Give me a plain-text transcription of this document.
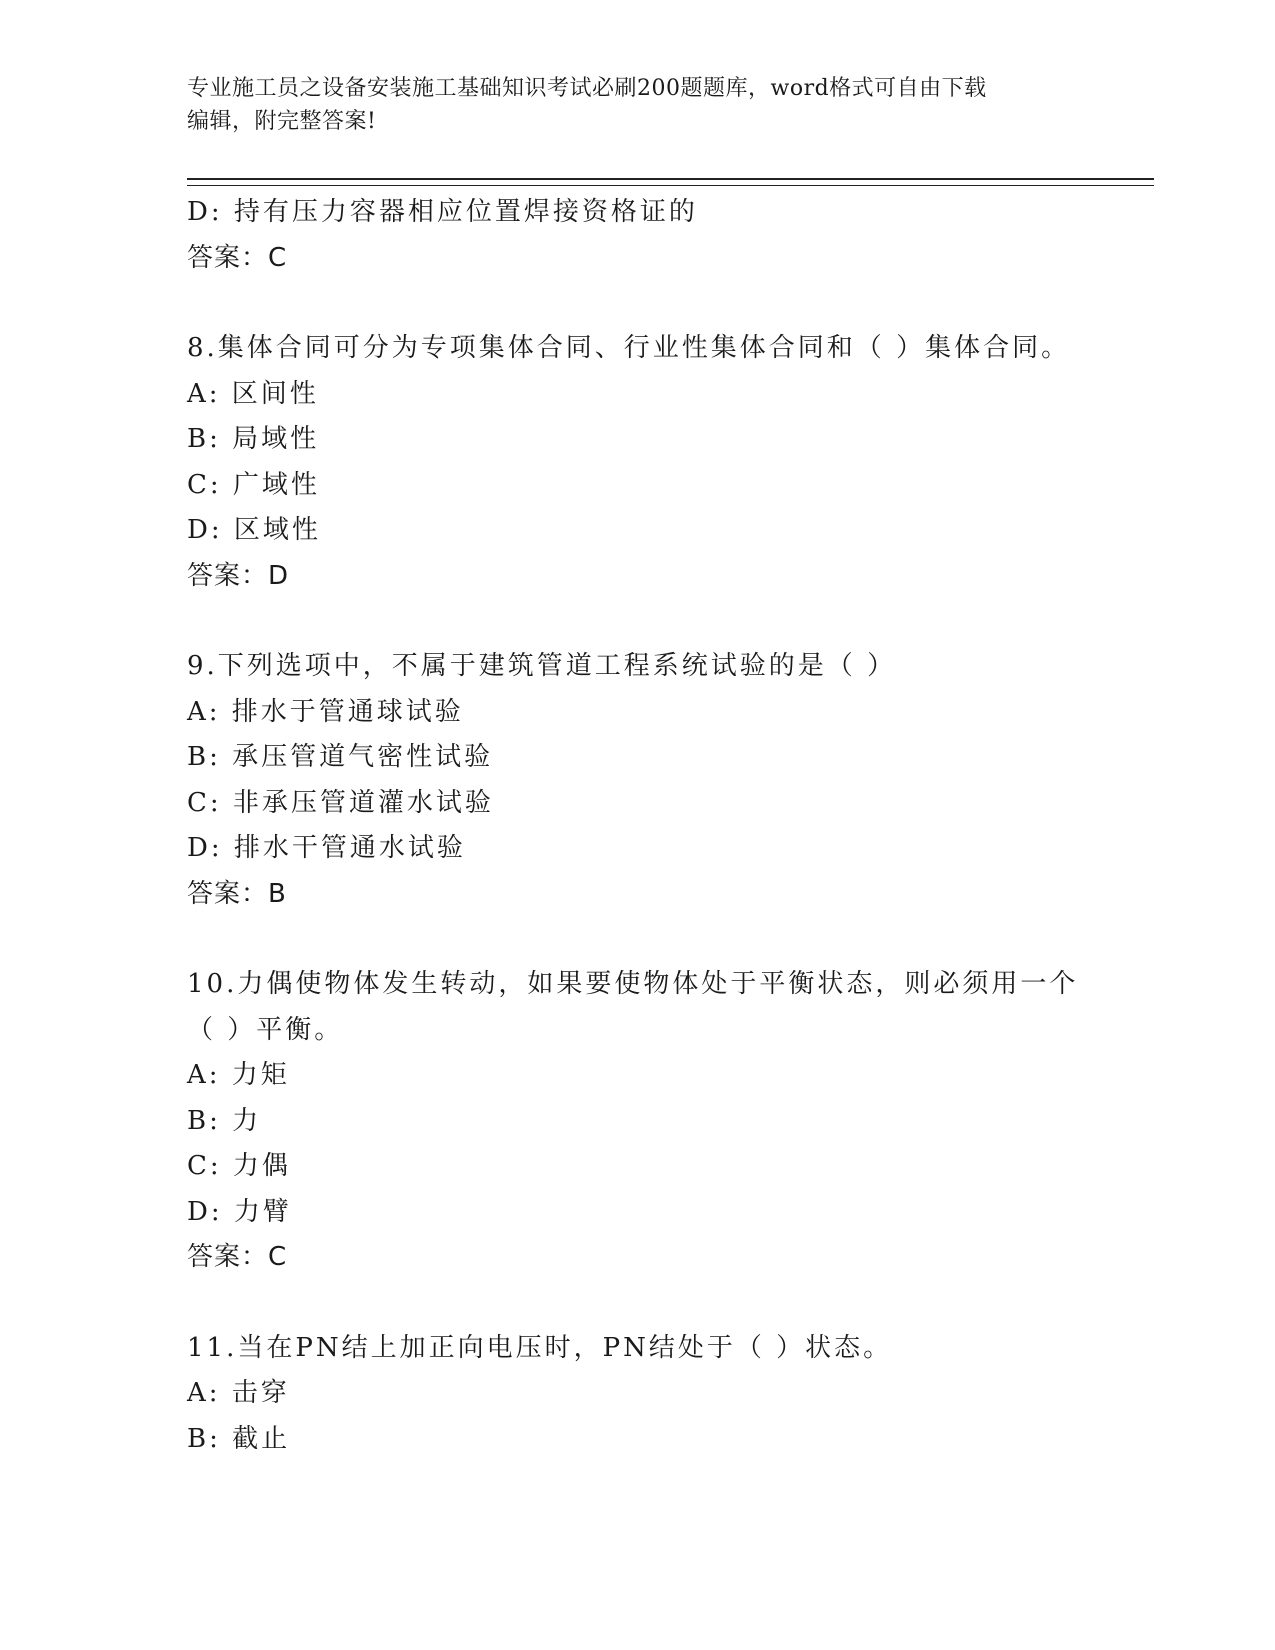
专业施工员之设备安装施工基础知识考试必刷200题题库，word格式可自由下载
编辑，附完整答案!
D: 持有压力容器相应位置焊接资格证的
答案：C
8.集体合同可分为专项集体合同、行业性集体合同和（ ）集体合同。
A: 区间性
B: 局域性
C: 广域性
D: 区域性
答案：D
9.下列选项中，不属于建筑管道工程系统试验的是（ ）
A: 排水于管通球试验
B: 承压管道气密性试验
C: 非承压管道灌水试验
D: 排水干管通水试验
答案：B
10.力偶使物体发生转动，如果要使物体处于平衡状态，则必须用一个
（ ）平衡。
A: 力矩
B: 力
C: 力偶
D: 力臂
答案：C
11.当在PN结上加正向电压时，PN结处于（ ）状态。
A: 击穿
B: 截止
